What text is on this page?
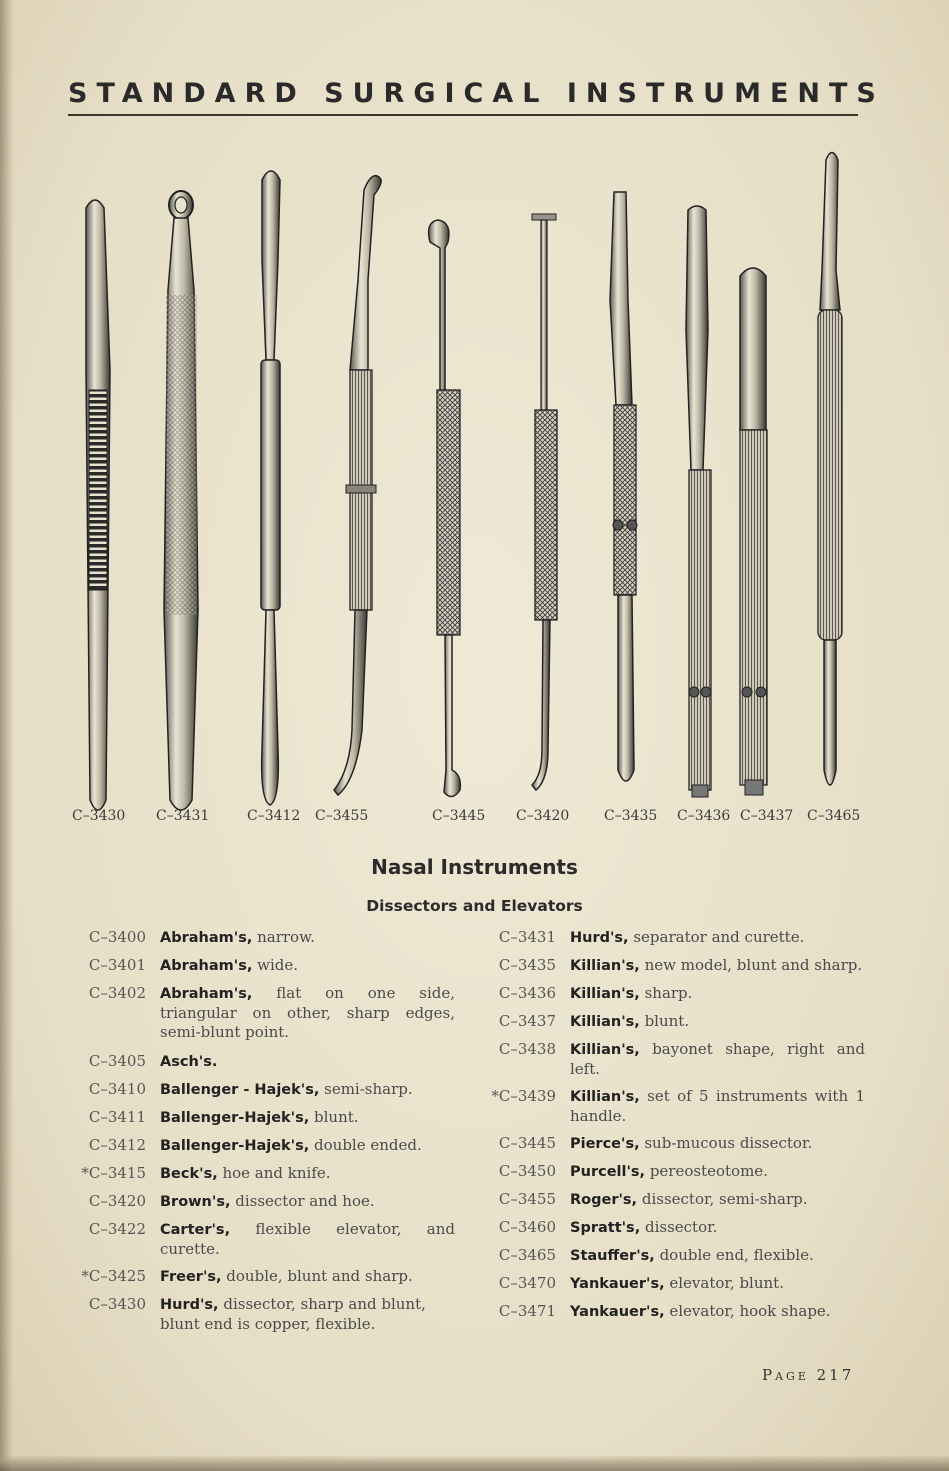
STANDARD SURGICAL INSTRUMENTS
C–3430 C–3431	C–3412 C–3455	C–3445 C–3420 C–3435 C–3436 C–3437 C–3465
Nasal Instruments
Dissectors and Elevators
C–3400 Abraham's, narrow.
C–3401 Abraham's, wide.
C–3402 Abraham's, flat on one side, triangular on other, sharp edges, semi-blunt point.
C–3405 Asch's.
C–3410 Ballenger - Hajek's, semi-sharp.
C–3411 Ballenger-Hajek's, blunt.
C–3412 Ballenger-Hajek's, double ended.
*C–3415 Beck's, hoe and knife.
C–3420 Brown's, dissector and hoe.
C–3422 Carter's, flexible elevator, and curette.
*C–3425 Freer's, double, blunt and sharp.
C–3430 Hurd's, dissector, sharp and blunt, blunt end is copper, flexible.
C–3431 Hurd's, separator and curette.
C–3435 Killian's, new model, blunt and sharp.
C–3436 Killian's, sharp.
C–3437 Killian's, blunt.
C–3438 Killian's, bayonet shape, right and left.
*C–3439 Killian's, set of 5 instruments with 1 handle.
C–3445 Pierce's, sub-mucous dissector.
C–3450 Purcell's, pereosteotome.
C–3455 Roger's, dissector, semi-sharp.
C–3460 Spratt's, dissector.
C–3465 Stauffer's, double end, flexible.
C–3470 Yankauer's, elevator, blunt.
C–3471 Yankauer's, elevator, hook shape.
Page 217
